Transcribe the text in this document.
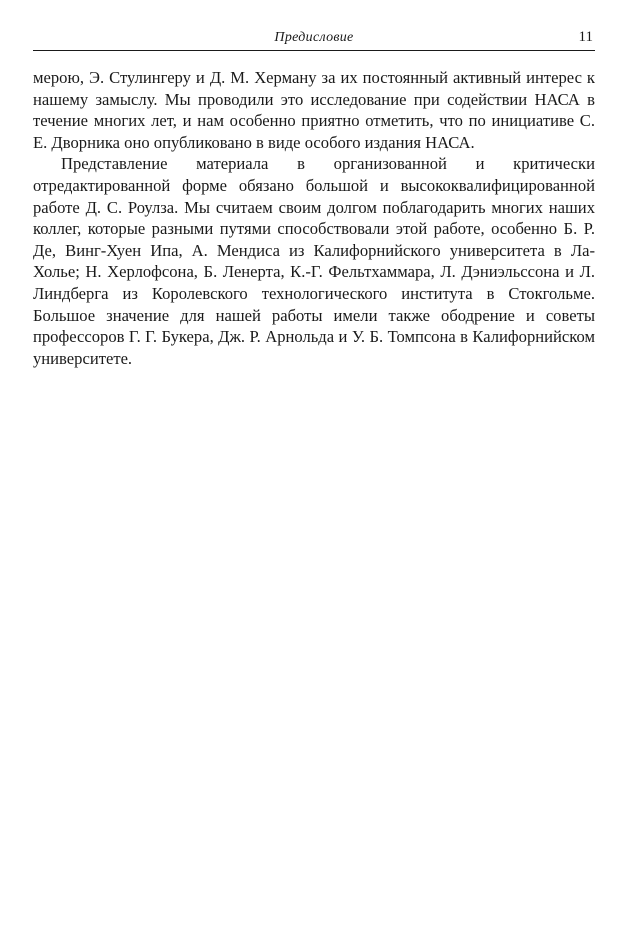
Предисловие	11

мерою, Э. Стулингеру и Д. М. Херману за их постоянный активный интерес к нашему замыслу. Мы проводили это исследование при содействии НАСА в течение многих лет, и нам особенно приятно отметить, что по инициативе С. Е. Дворника оно опубликовано в виде особого издания НАСА.

Представление материала в организованной и критически отредактированной форме обязано большой и высококвалифицированной работе Д. С. Роулза. Мы считаем своим долгом поблагодарить многих наших коллег, которые разными путями способствовали этой работе, особенно Б. Р. Де, Винг-Хуен Ипа, А. Мендиса из Калифорнийского университета в Ла-Холье; Н. Херлофсона, Б. Ленерта, К.-Г. Фельтхаммара, Л. Дэниэльссона и Л. Линдберга из Королевского технологического института в Стокгольме. Большое значение для нашей работы имели также ободрение и советы профессоров Г. Г. Букера, Дж. Р. Арнольда и У. Б. Томпсона в Калифорнийском университете.
